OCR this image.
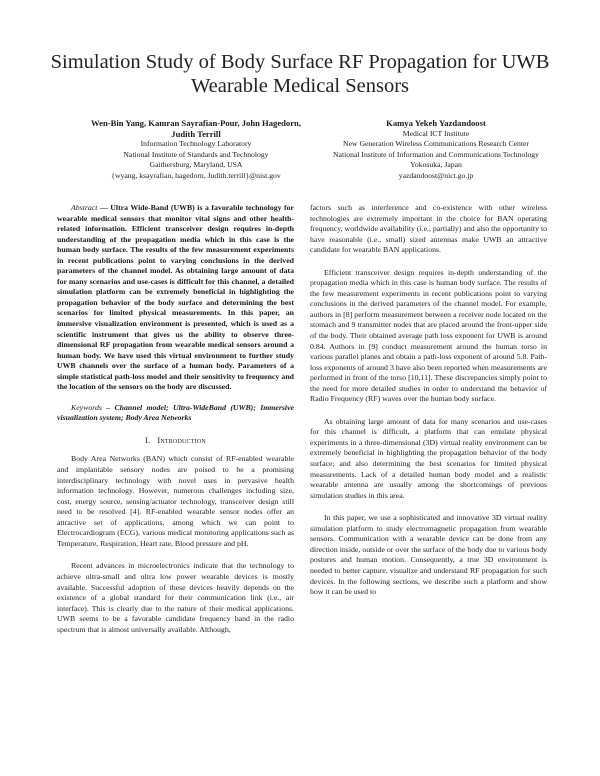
Simulation Study of Body Surface RF Propagation for UWB Wearable Medical Sensors
Wen-Bin Yang, Kamran Sayrafian-Pour, John Hagedorn, Judith Terrill
Information Technology Laboratory
National Institute of Standards and Technology
Gaithersburg, Maryland, USA
{wyang, ksayrafian, hagedorn, Judith.terrill}@nist.gov
Kamya Yekeh Yazdandoost
Medical ICT Institute
New Generation Wireless Communications Research Center
National Institute of Information and Communications Technology
Yokosuka, Japan
yazdandoost@nict.go.jp

Abstract — Ultra Wide-Band (UWB) is a favorable technology for wearable medical sensors that monitor vital signs and other health-related information. Efficient transceiver design requires in-depth understanding of the propagation media which in this case is the human body surface. The results of the few measurement experiments in recent publications point to varying conclusions in the derived parameters of the channel model. As obtaining large amount of data for many scenarios and use-cases is difficult for this channel, a detailed simulation platform can be extremely beneficial in highlighting the propagation behavior of the body surface and determining the best scenarios for limited physical measurements. In this paper, an immersive visualization environment is presented, which is used as a scientific instrument that gives us the ability to observe three-dimensional RF propagation from wearable medical sensors around a human body. We have used this virtual environment to further study UWB channels over the surface of a human body. Parameters of a simple statistical path-loss model and their sensitivity to frequency and the location of the sensors on the body are discussed.

Keywords – Channel model; Ultra-WideBand (UWB); Immersive visualization system; Body Area Networks

I. Introduction

Body Area Networks (BAN) which consist of RF-enabled wearable and implantable sensory nodes are poised to be a promising interdisciplinary technology with novel uses in pervasive health information technology. However, numerous challenges including size, cost, energy source, sensing/actuator technology, transceiver design still need to be resolved [4]. RF-enabled wearable sensor nodes offer an attractive set of applications, among which we can point to Electrocardiogram (ECG), various medical monitoring applications such as Temperature, Respiration, Heart rate, Blood pressure and pH.

Recent advances in microelectronics indicate that the technology to achieve ultra-small and ultra low power wearable devices is mostly available. Successful adoption of these devices heavily depends on the existence of a global standard for their communication link (i.e., air interface). This is clearly due to the nature of their medical applications. UWB seems to be a favorable candidate frequency band in the radio spectrum that is almost universally available. Although,

factors such as interference and co-existence with other wireless technologies are extremely important in the choice for BAN operating frequency, worldwide availability (i.e., partially) and also the opportunity to have reasonable (i.e., small) sized antennas make UWB an attractive candidate for wearable BAN applications.

Efficient transceiver design requires in-depth understanding of the propagation media which in this case is human body surface. The results of the few measurement experiments in recent publications point to varying conclusions in the derived parameters of the channel model. For example, authors in [8] perform measurement between a receiver node located on the stomach and 9 transmitter nodes that are placed around the front-upper side of the body. Their obtained average path loss exponent for UWB is around 0.84. Authors in [9] conduct measurement around the human torso in various parallel planes and obtain a path-loss exponent of around 5.8. Path-loss exponents of around 3 have also been reported when measurements are performed in front of the torso [10,11]. These discrepancies simply point to the need for more detailed studies in order to understand the behavior of Radio Frequency (RF) waves over the human body surface.

As obtaining large amount of data for many scenarios and use-cases for this channel is difficult, a platform that can emulate physical experiments in a three-dimensional (3D) virtual reality environment can be extremely beneficial in highlighting the propagation behavior of the body surface; and also determining the best scenarios for limited physical measurements. Lack of a detailed human body model and a realistic wearable antenna are usually among the shortcomings of previous simulation studies in this area.

In this paper, we use a sophisticated and innovative 3D virtual reality simulation platform to study electromagnetic propagation from wearable sensors. Communication with a wearable device can be done from any direction inside, outside or over the surface of the body due to various body postures and human motion. Consequently, a true 3D environment is needed to better capture, visualize and understand RF propagation for such devices. In the following sections, we describe such a platform and show how it can be used to
